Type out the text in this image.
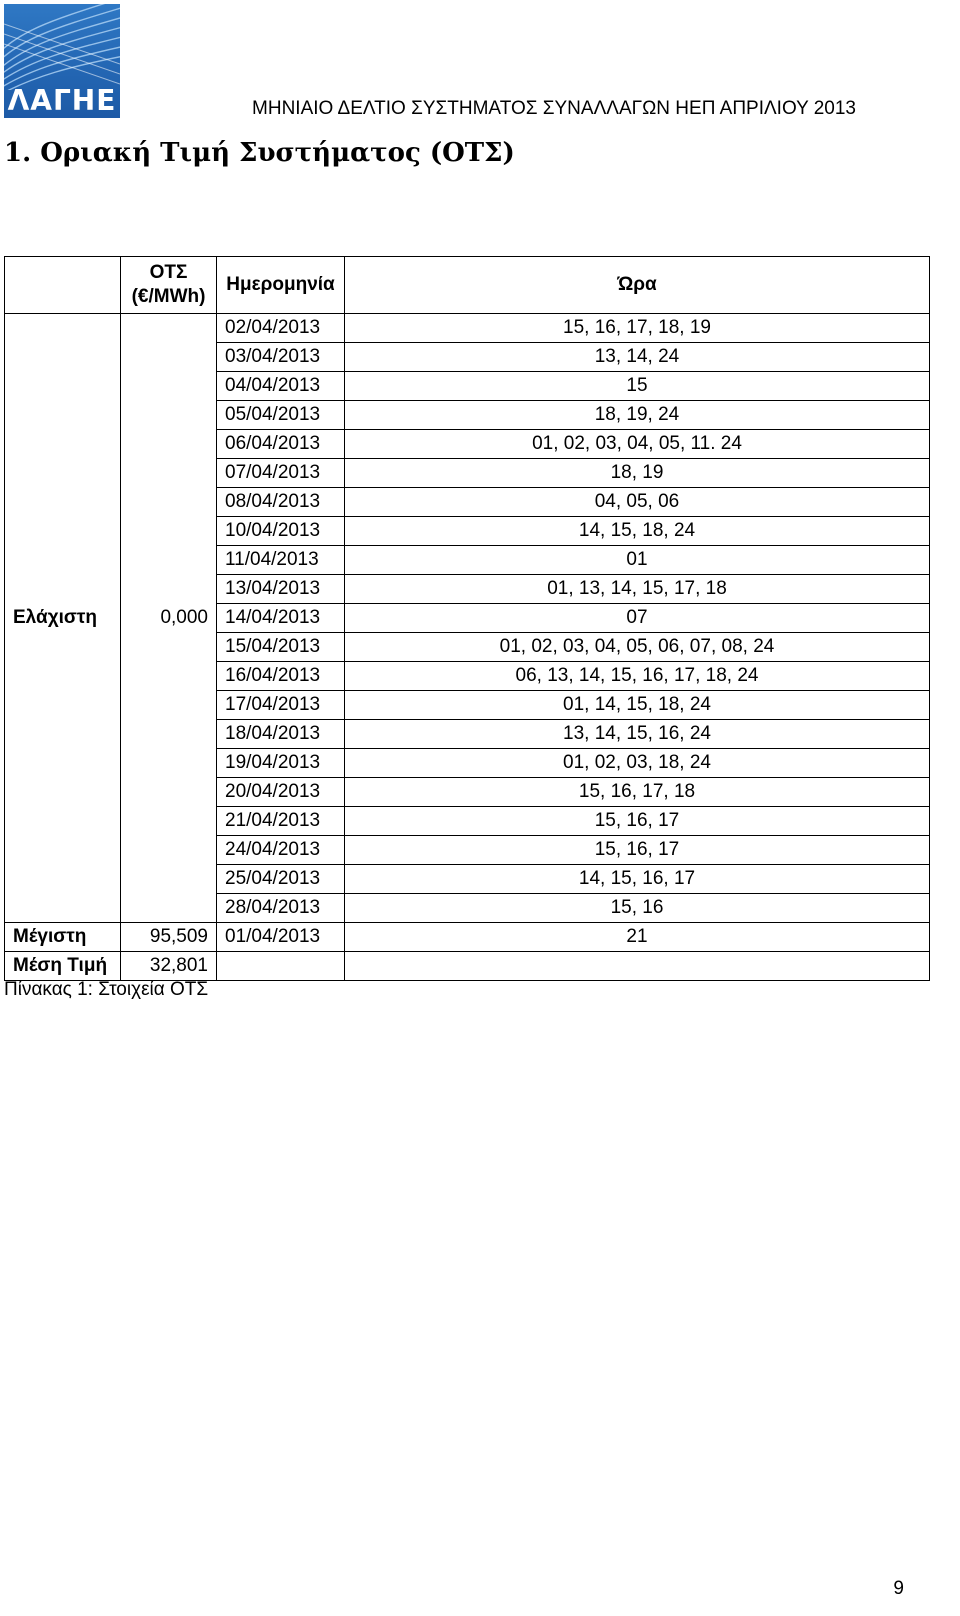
ΛΑΓΗΕ	ΜΗΝΙΑΙΟ ΔΕΛΤΙΟ ΣΥΣΤΗΜΑΤΟΣ ΣΥΝΑΛΛΑΓΩΝ ΗΕΠ ΑΠΡΙΛΙΟΥ 2013
1. Οριακή Τιμή Συστήματος (ΟΤΣ)
	ΟΤΣ
(€/MWh)	Ημερομηνία	Ώρα
Ελάχιστη	0,000	02/04/2013	15, 16, 17, 18, 19
		03/04/2013	13, 14, 24
		04/04/2013	15
		05/04/2013	18, 19, 24
		06/04/2013	01, 02, 03, 04, 05, 11. 24
		07/04/2013	18, 19
		08/04/2013	04, 05, 06
		10/04/2013	14, 15, 18, 24
		11/04/2013	01
		13/04/2013	01, 13, 14, 15, 17, 18
		14/04/2013	07
		15/04/2013	01, 02, 03, 04, 05, 06, 07, 08, 24
		16/04/2013	06, 13, 14, 15, 16, 17, 18, 24
		17/04/2013	01, 14, 15, 18, 24
		18/04/2013	13, 14, 15, 16, 24
		19/04/2013	01, 02, 03, 18, 24
		20/04/2013	15, 16, 17, 18
		21/04/2013	15, 16, 17
		24/04/2013	15, 16, 17
		25/04/2013	14, 15, 16, 17
		28/04/2013	15, 16
Μέγιστη	95,509	01/04/2013	21
Μέση Τιμή	32,801		
Πίνακας 1: Στοιχεία ΟΤΣ
9
